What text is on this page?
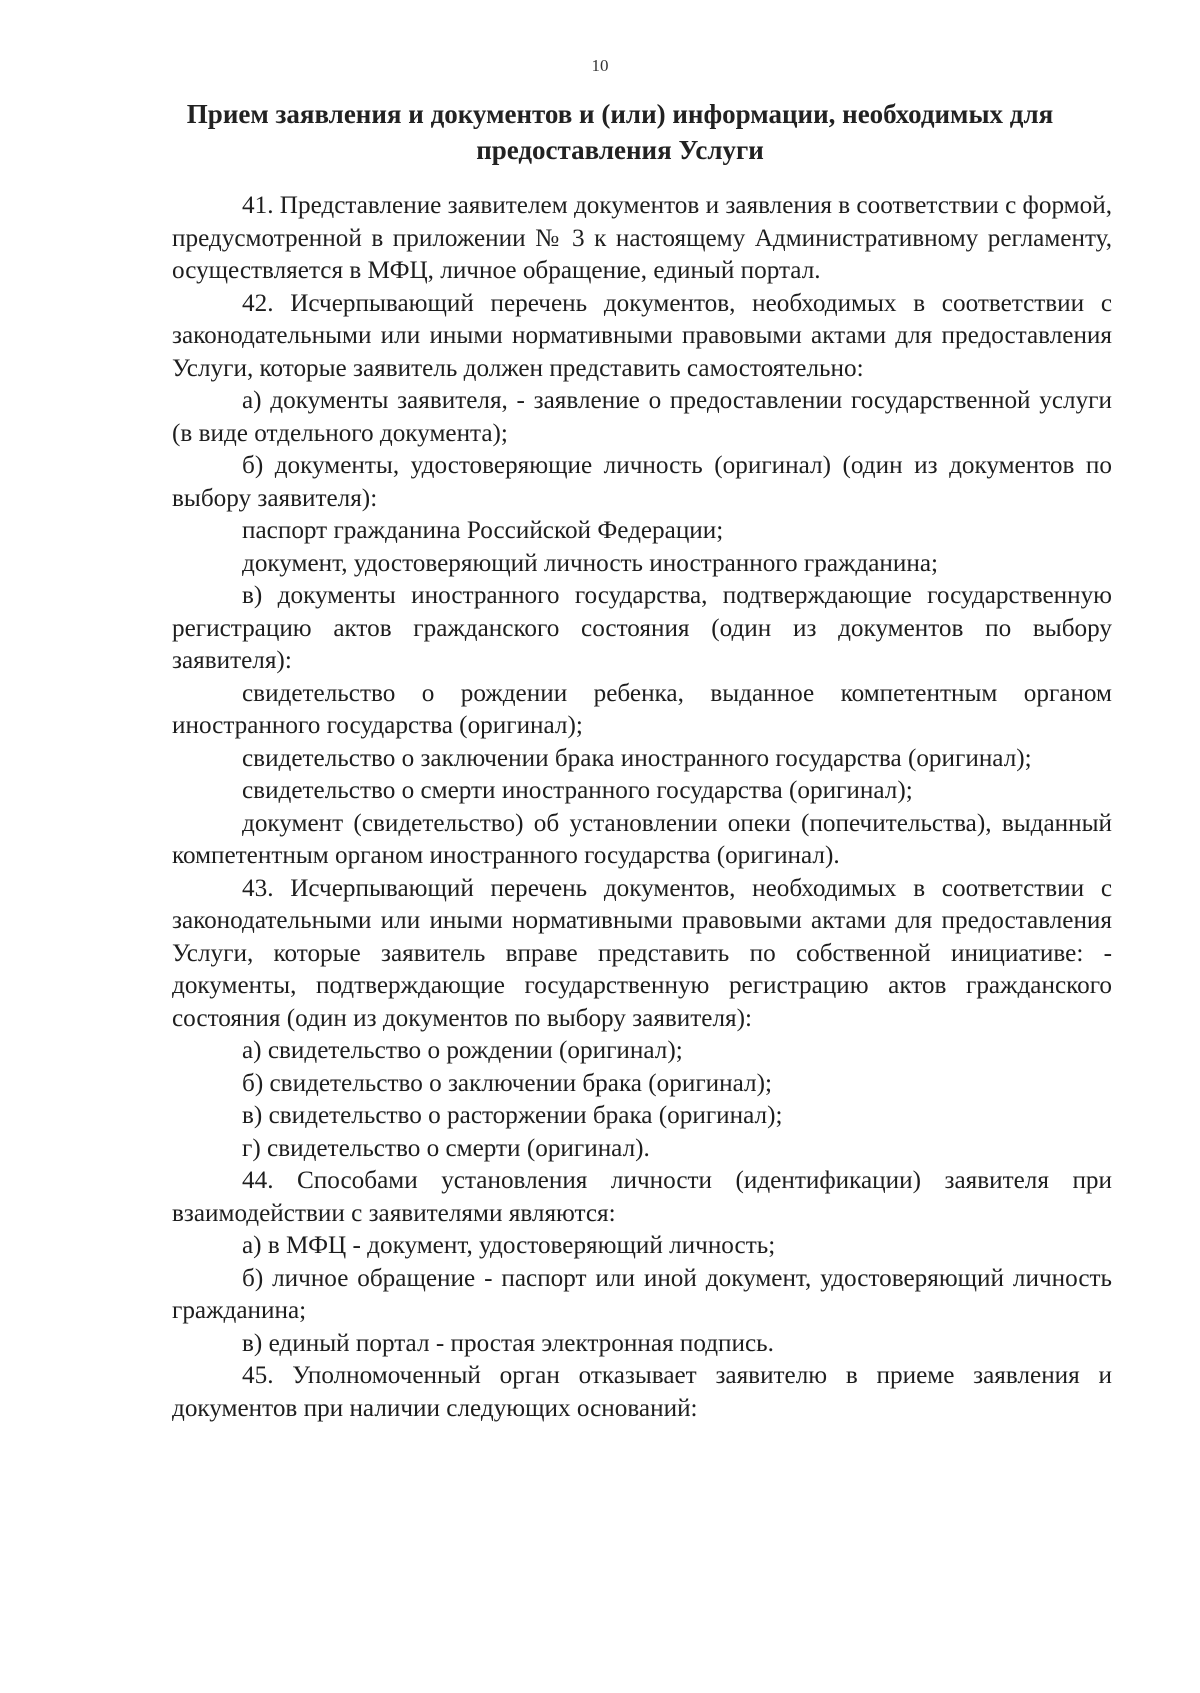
10
Прием заявления и документов и (или) информации, необходимых для предоставления Услуги

41. Представление заявителем документов и заявления в соответствии с формой, предусмотренной в приложении № 3 к настоящему Административному регламенту, осуществляется в МФЦ, личное обращение, единый портал.

42. Исчерпывающий перечень документов, необходимых в соответствии с законодательными или иными нормативными правовыми актами для предоставления Услуги, которые заявитель должен представить самостоятельно:

а) документы заявителя, - заявление о предоставлении государственной услуги (в виде отдельного документа);

б) документы, удостоверяющие личность (оригинал) (один из документов по выбору заявителя):

паспорт гражданина Российской Федерации;

документ, удостоверяющий личность иностранного гражданина;

в) документы иностранного государства, подтверждающие государственную регистрацию актов гражданского состояния (один из документов по выбору заявителя):

свидетельство о рождении ребенка, выданное компетентным органом иностранного государства (оригинал);

свидетельство о заключении брака иностранного государства (оригинал);

свидетельство о смерти иностранного государства (оригинал);

документ (свидетельство) об установлении опеки (попечительства), выданный компетентным органом иностранного государства (оригинал).

43. Исчерпывающий перечень документов, необходимых в соответствии с законодательными или иными нормативными правовыми актами для предоставления Услуги, которые заявитель вправе представить по собственной инициативе: - документы, подтверждающие государственную регистрацию актов гражданского состояния (один из документов по выбору заявителя):

а) свидетельство о рождении (оригинал);

б) свидетельство о заключении брака (оригинал);

в) свидетельство о расторжении брака (оригинал);

г) свидетельство о смерти (оригинал).

44. Способами установления личности (идентификации) заявителя при взаимодействии с заявителями являются:

а) в МФЦ - документ, удостоверяющий личность;

б) личное обращение - паспорт или иной документ, удостоверяющий личность гражданина;

в) единый портал - простая электронная подпись.

45. Уполномоченный орган отказывает заявителю в приеме заявления и документов при наличии следующих оснований:
